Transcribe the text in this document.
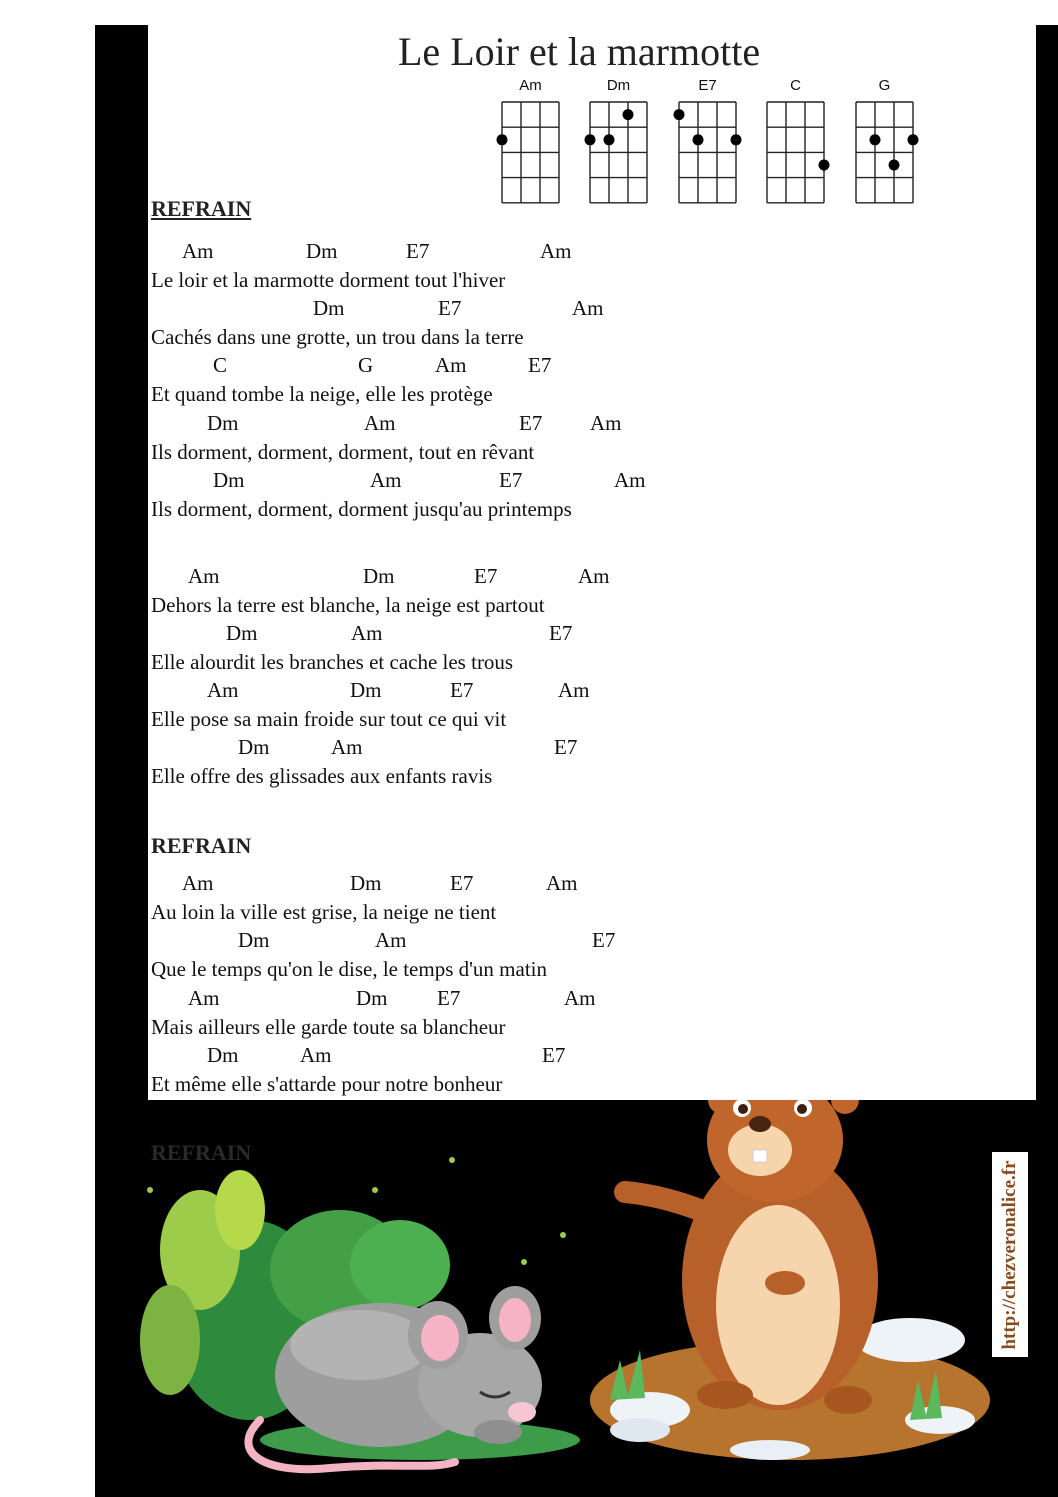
Le Loir et la marmotte
REFRAIN
REFRAIN
REFRAIN
Am	Dm	E7	Am
Le loir et la marmotte dorment tout l'hiver
Dm	E7	Am
Cachés dans une grotte, un trou dans la terre
C	G	Am	E7
Et quand tombe la neige, elle les protège
Dm	Am	E7 Am
Ils dorment, dorment, dorment, tout en rêvant
Dm	Am	E7	Am
Ils dorment, dorment, dorment jusqu'au printemps
Am	Dm	E7	Am
Dehors la terre est blanche, la neige est partout
Dm	Am	E7
Elle alourdit les branches et cache les trous
Am	Dm	E7	Am
Elle pose sa main froide sur tout ce qui vit
Dm	Am	E7
Elle offre des glissades aux enfants ravis
Am	Dm	E7	Am
Au loin la ville est grise, la neige ne tient
Dm	Am	E7
Que le temps qu'on le dise, le temps d'un matin
Am	Dm E7	Am
Mais ailleurs elle garde toute sa blancheur
Dm	Am	E7
Et même elle s'attarde pour notre bonheur
http://chezveronalice.fr
Am	Dm	E7	C	G
